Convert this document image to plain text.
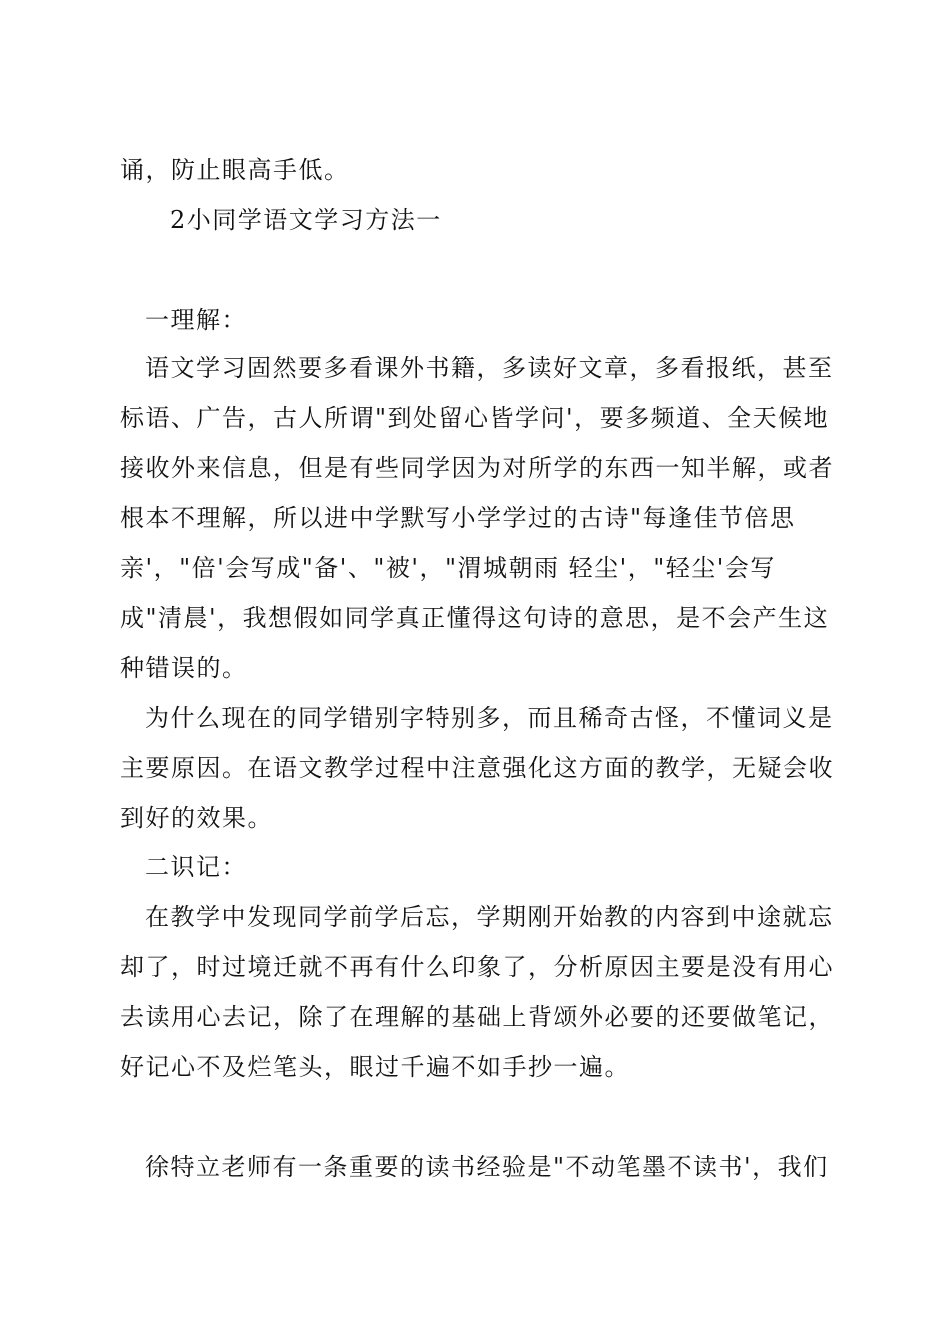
诵，防止眼高手低。
2小同学语文学习方法一
一理解：
语文学习固然要多看课外书籍，多读好文章，多看报纸，甚至
标语、广告，古人所谓"到处留心皆学问'，要多频道、全天候地
接收外来信息，但是有些同学因为对所学的东西一知半解，或者
根本不理解，所以进中学默写小学学过的古诗"每逢佳节倍思
亲'，"倍'会写成"备'、"被'，"渭城朝雨 轻尘'，"轻尘'会写
成"清晨'，我想假如同学真正懂得这句诗的意思，是不会产生这
种错误的。
为什么现在的同学错别字特别多，而且稀奇古怪，不懂词义是
主要原因。在语文教学过程中注意强化这方面的教学，无疑会收
到好的效果。
二识记：
在教学中发现同学前学后忘，学期刚开始教的内容到中途就忘
却了，时过境迁就不再有什么印象了，分析原因主要是没有用心
去读用心去记，除了在理解的基础上背颂外必要的还要做笔记，
好记心不及烂笔头，眼过千遍不如手抄一遍。
徐特立老师有一条重要的读书经验是"不动笔墨不读书'，我们
